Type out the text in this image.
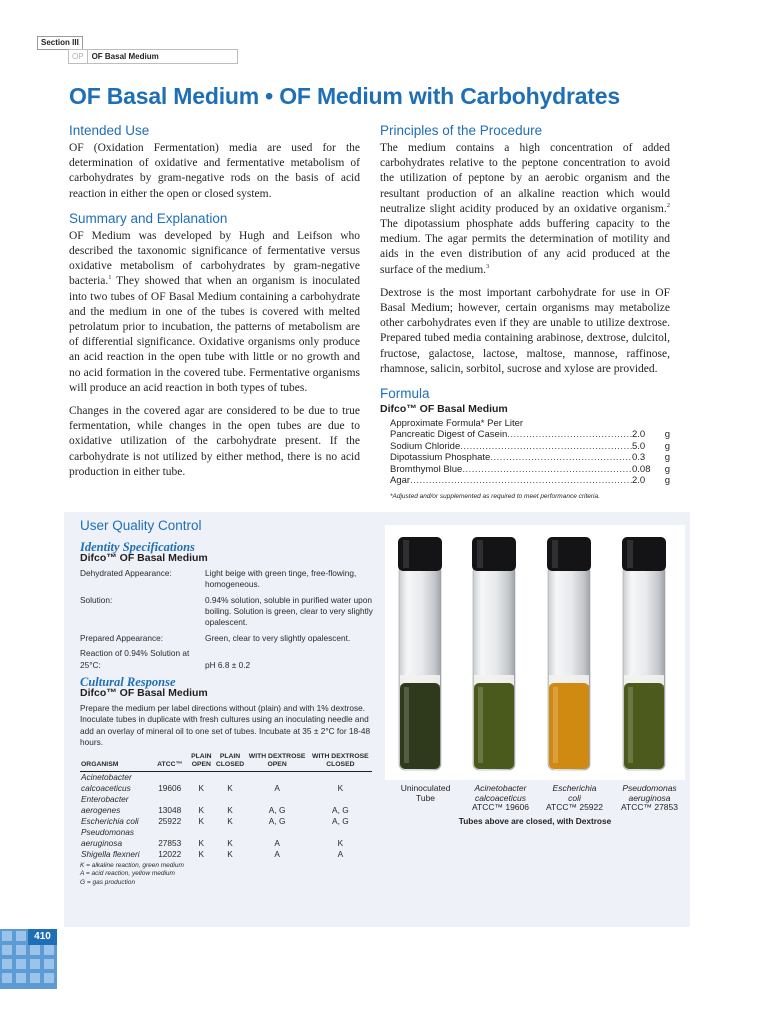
Section III
OP	OF Basal Medium
OF Basal Medium • OF Medium with Carbohydrates
Intended Use

OF (Oxidation Fermentation) media are used for the determination of oxidative and fermentative metabolism of carbohydrates by gram-negative rods on the basis of acid reaction in either the open or closed system.

Summary and Explanation

OF Medium was developed by Hugh and Leifson who described the taxonomic significance of fermentative versus oxidative metabolism of carbohydrates by gram-negative bacteria.$^1$ They showed that when an organism is inoculated into two tubes of OF Basal Medium containing a carbohydrate and the medium in one of the tubes is covered with melted petrolatum prior to incubation, the patterns of metabolism are of differential significance. Oxidative organisms only produce an acid reaction in the open tube with little or no growth and no acid formation in the covered tube. Fermentative organisms will produce an acid reaction in both types of tubes.

Changes in the covered agar are considered to be due to true fermentation, while changes in the open tubes are due to oxidative utilization of the carbohydrate present. If the carbohydrate is not utilized by either method, there is no acid production in either tube.

Principles of the Procedure

The medium contains a high concentration of added carbohydrates relative to the peptone concentration to avoid the utilization of peptone by an aerobic organism and the resultant production of an alkaline reaction which would neutralize slight acidity produced by an oxidative organism.$^2$ The dipotassium phosphate adds buffering capacity to the medium. The agar permits the determination of motility and aids in the even distribution of any acid produced at the surface of the medium.$^3$

Dextrose is the most important carbohydrate for use in OF Basal Medium; however, certain organisms may metabolize other carbohydrates even if they are unable to utilize dextrose. Prepared tubed media containing arabinose, dextrose, dulcitol, fructose, galactose, lactose, maltose, mannose, raffinose, rhamnose, salicin, sorbitol, sucrose and xylose are provided.

Formula
Difco™ OF Basal Medium
Approximate Formula* Per Liter
Pancreatic Digest of Casein .....	2.0	g
Sodium Chloride .....	5.0	g
Dipotassium Phosphate .....	0.3	g
Bromthymol Blue .....	0.08	g
Agar .....	2.0	g
*Adjusted and/or supplemented as required to meet performance criteria.
User Quality Control
Identity Specifications
Difco™ OF Basal Medium
Dehydrated Appearance:	Light beige with green tinge, free-flowing, homogeneous.
Solution:	0.94% solution, soluble in purified water upon boiling. Solution is green, clear to very slightly opalescent.
Prepared Appearance:	Green, clear to very slightly opalescent.
Reaction of 0.94% Solution at 25°C:	pH 6.8 ± 0.2
Cultural Response
Difco™ OF Basal Medium
Prepare the medium per label directions without (plain) and with 1% dextrose. Inoculate tubes in duplicate with fresh cultures using an inoculating needle and add an overlay of mineral oil to one set of tubes. Incubate at 35 ± 2°C for 18-48 hours.
ORGANISM	ATCC™	PLAIN OPEN	PLAIN CLOSED	WITH DEXTROSE OPEN	WITH DEXTROSE CLOSED
Acinetobacter					
calcoaceticus	19606	K	K	A	K
Enterobacter					
aerogenes	13048	K	K	A, G	A, G
Escherichia coli	25922	K	K	A, G	A, G
Pseudomonas					
aeruginosa	27853	K	K	A	K
Shigella flexneri	12022	K	K	A	A
K = alkaline reaction, green medium
A = acid reaction, yellow medium
G = gas production
Uninoculated
Tube
Acinetobacter
calcoaceticus
ATCC™ 19606
Escherichia
coli
ATCC™ 25922
Pseudomonas
aeruginosa
ATCC™ 27853
Tubes above are closed, with Dextrose
410
